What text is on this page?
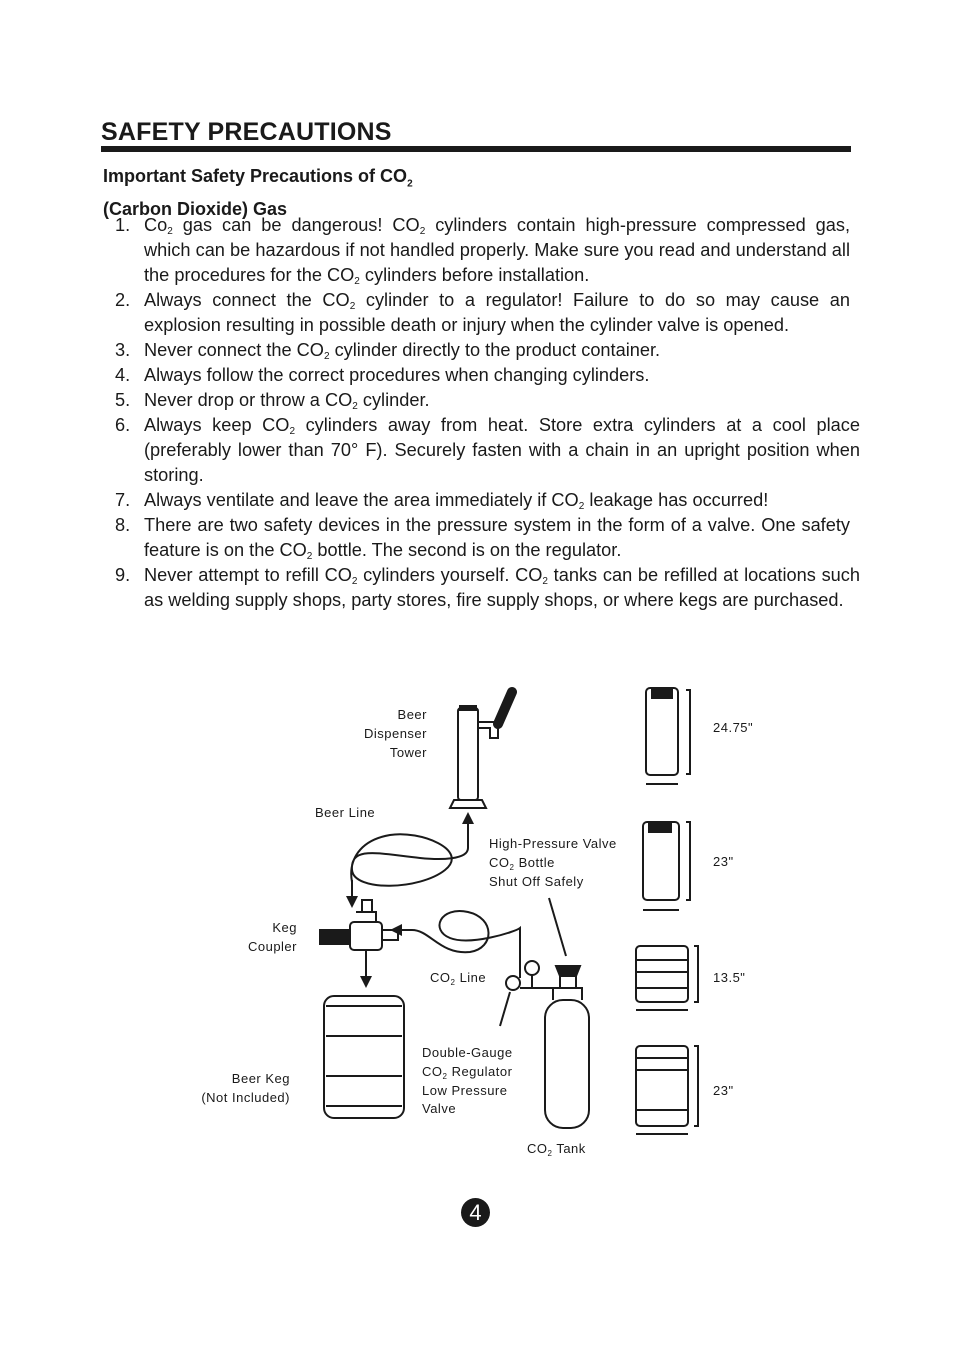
SAFETY PRECAUTIONS
Important Safety Precautions of $CO_2$
(Carbon Dioxide) Gas
1. $Co_2$ gas can be dangerous! $CO_2$ cylinders contain high-pressure compressed gas, which can be hazardous if not handled properly. Make sure you read and understand all the procedures for the $CO_2$ cylinders before installation.
2. Always connect the $CO_2$ cylinder to a regulator! Failure to do so may cause an explosion resulting in possible death or injury when the cylinder valve is opened.
3. Never connect the $CO_2$ cylinder directly to the product container.
4. Always follow the correct procedures when changing cylinders.
5. Never drop or throw a $CO_2$ cylinder.
6. Always keep $CO_2$ cylinders away from heat. Store extra cylinders at a cool place (preferably lower than 70° F). Securely fasten with a chain in an upright position when storing.
7. Always ventilate and leave the area immediately if $CO_2$ leakage has occurred!
8. There are two safety devices in the pressure system in the form of a valve. One safety feature is on the $CO_2$ bottle. The second is on the regulator.
9. Never attempt to refill $CO_2$ cylinders yourself. $CO_2$ tanks can be refilled at locations such as welding supply shops, party stores, fire supply shops, or where kegs are purchased.
Beer
Dispenser
Tower
Beer Line
High-Pressure Valve
$CO_2$ Bottle
Shut Off Safely
Keg
Coupler
$CO_2$ Line
Beer Keg
(Not Included)
Double-Gauge
$CO_2$ Regulator
Low Pressure
Valve
$CO_2$ Tank
24.75"
23"
13.5"
23"
4
